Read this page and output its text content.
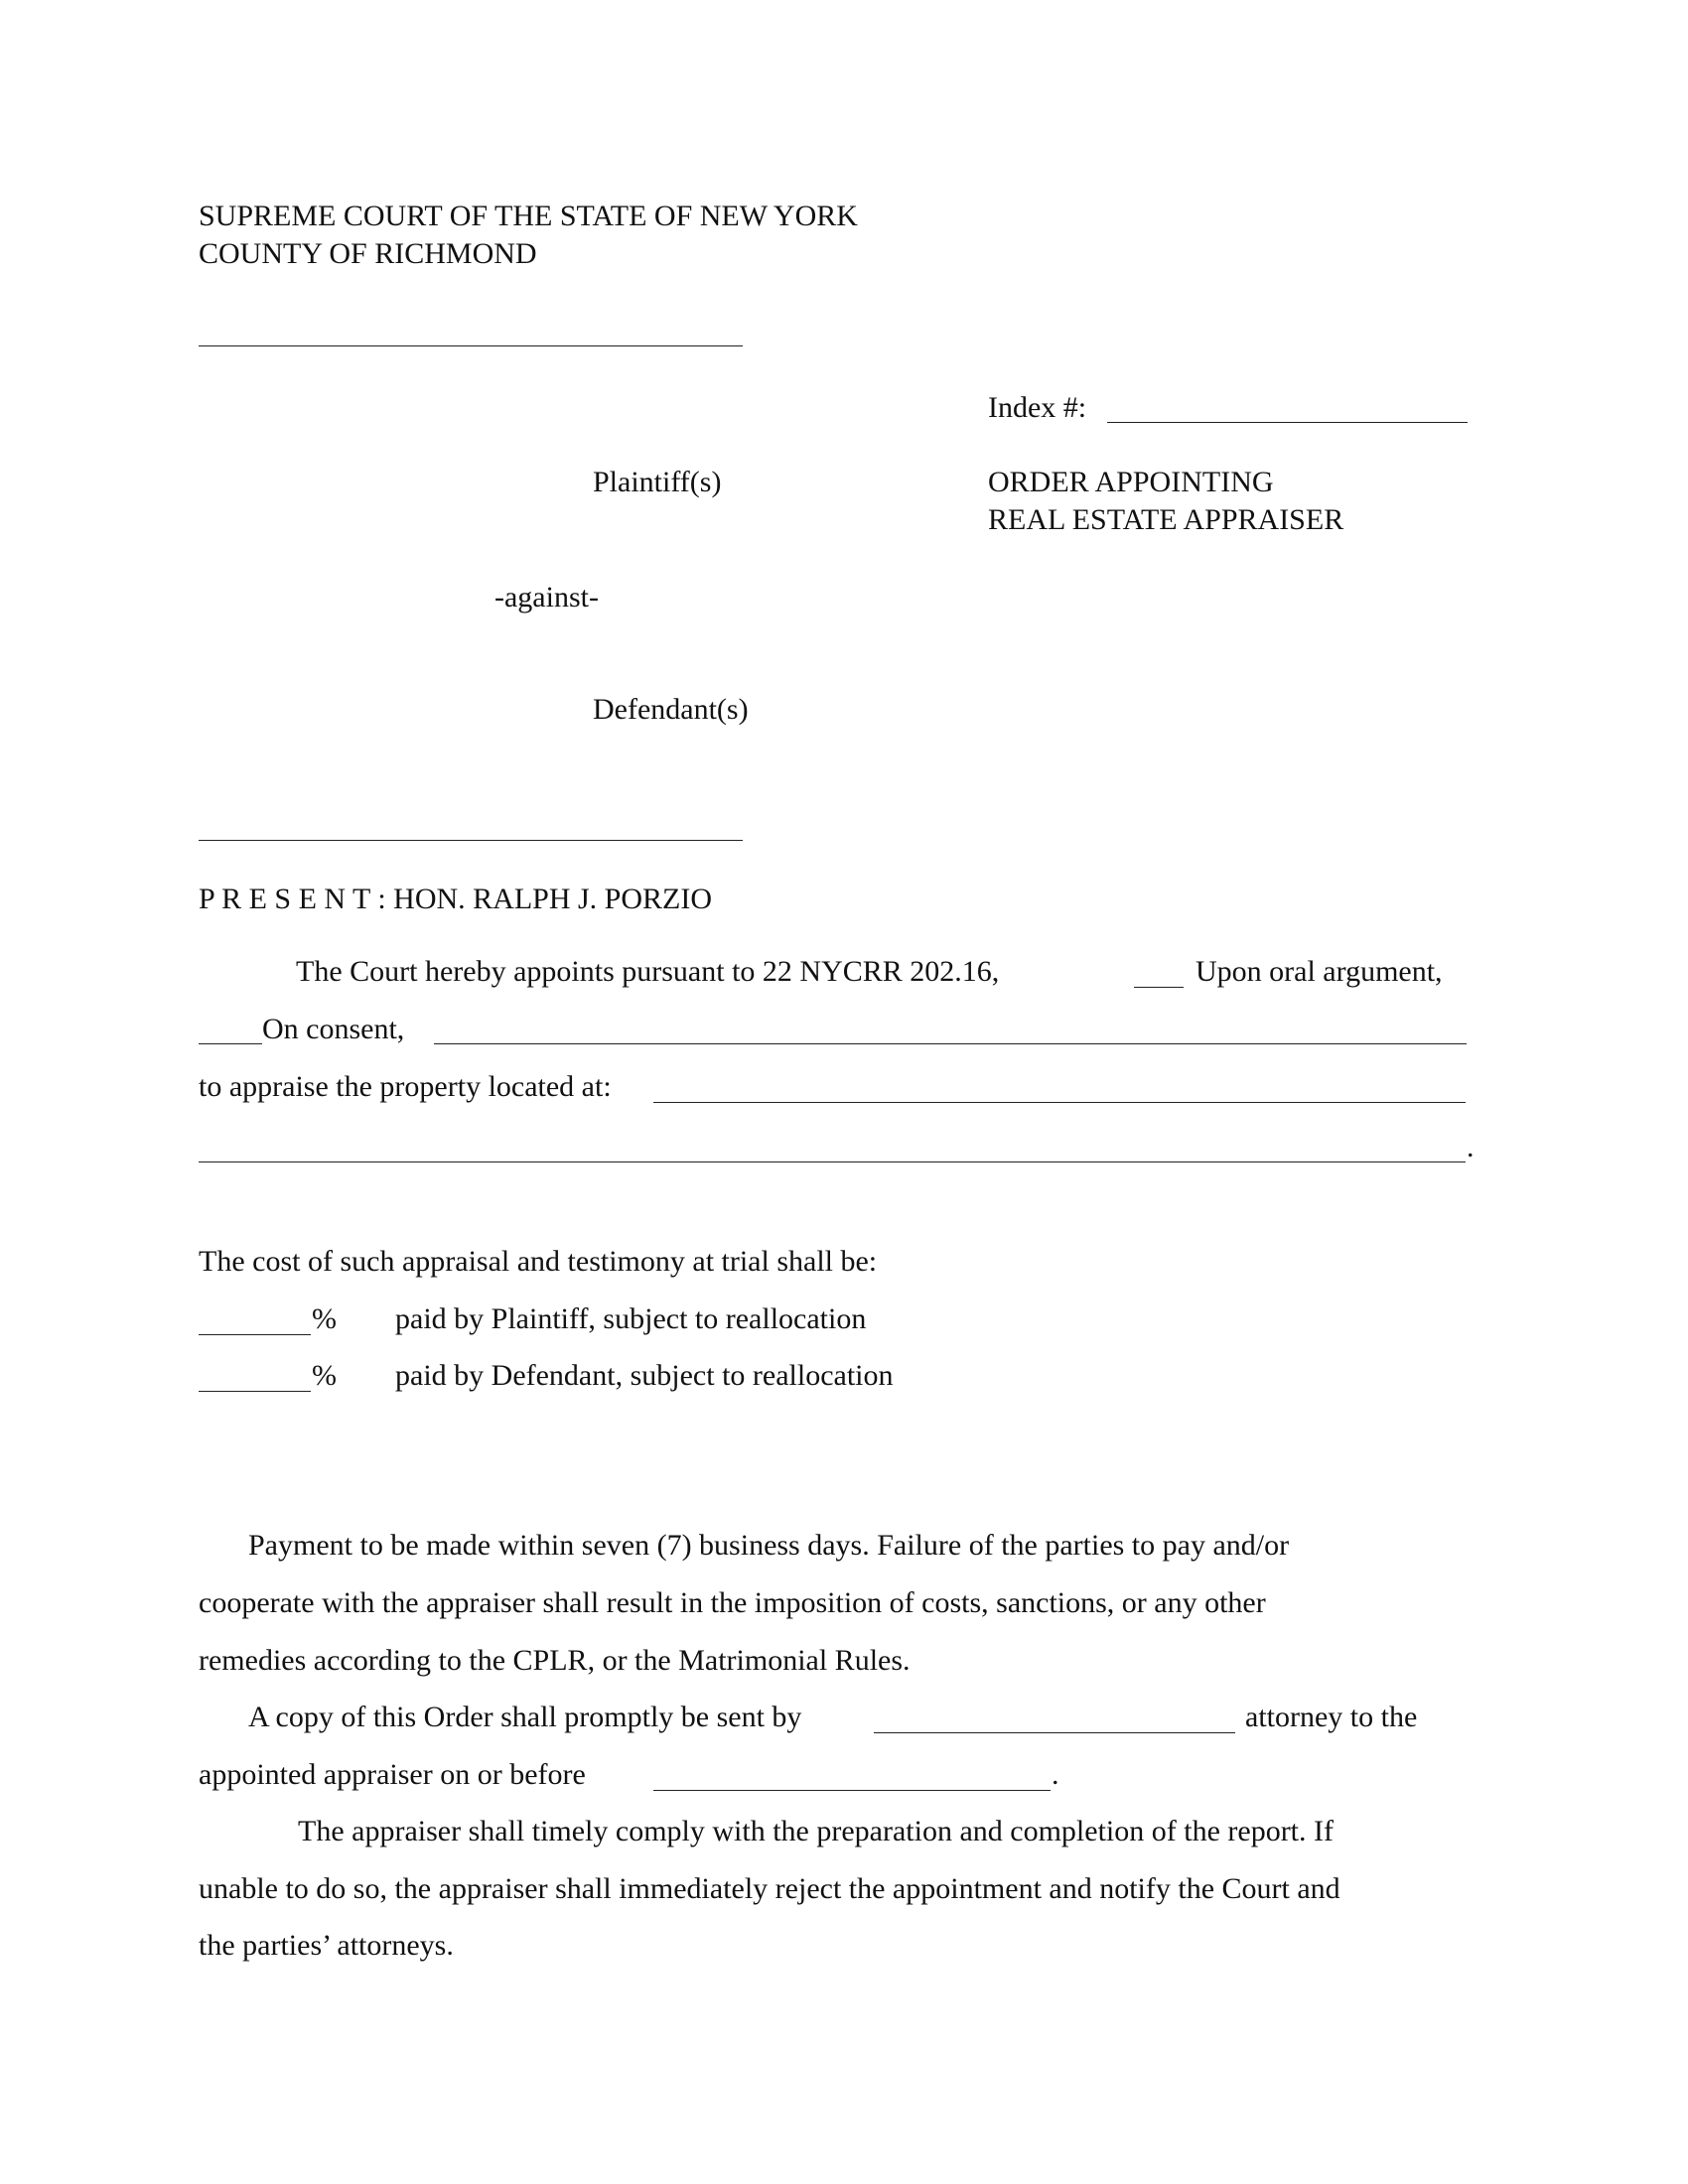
SUPREME COURT OF THE STATE OF NEW YORK
COUNTY OF RICHMOND
Index #:
Plaintiff(s)	ORDER APPOINTING
REAL ESTATE APPRAISER
-against-
Defendant(s)
P R E S E N T : HON. RALPH J. PORZIO
The Court hereby appoints pursuant to 22 NYCRR 202.16,	Upon oral argument,
On consent,
to appraise the property located at:
.
The cost of such appraisal and testimony at trial shall be:
% paid by Plaintiff, subject to reallocation
% paid by Defendant, subject to reallocation
Payment to be made within seven (7) business days. Failure of the parties to pay and/or
cooperate with the appraiser shall result in the imposition of costs, sanctions, or any other
remedies according to the CPLR, or the Matrimonial Rules.
A copy of this Order shall promptly be sent by	attorney to the
appointed appraiser on or before	.
The appraiser shall timely comply with the preparation and completion of the report. If
unable to do so, the appraiser shall immediately reject the appointment and notify the Court and
the parties’ attorneys.
